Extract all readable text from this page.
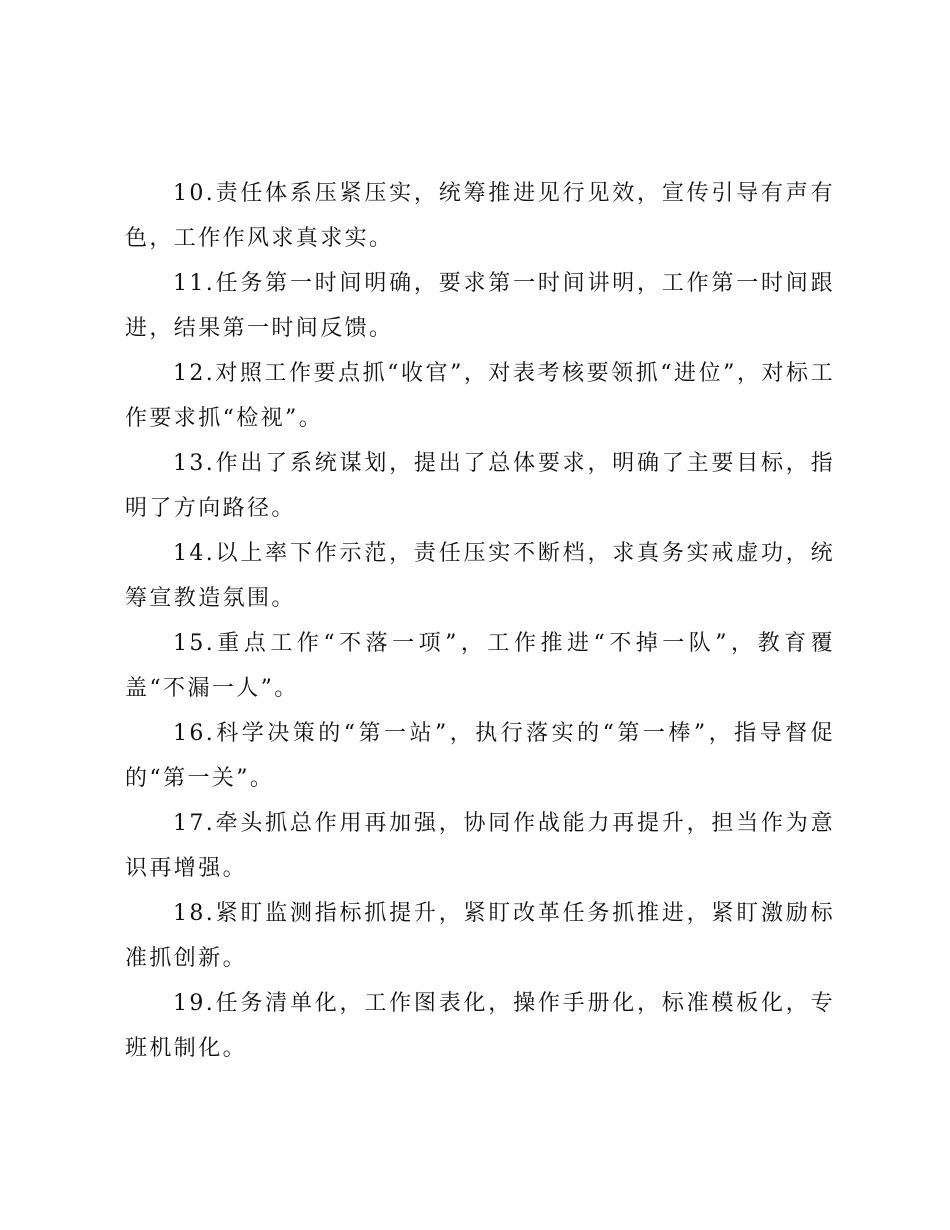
10.责任体系压紧压实，统筹推进见行见效，宣传引导有声有色，工作作风求真求实。

11.任务第一时间明确，要求第一时间讲明，工作第一时间跟进，结果第一时间反馈。

12.对照工作要点抓“收官”，对表考核要领抓“进位”，对标工作要求抓“检视”。

13.作出了系统谋划，提出了总体要求，明确了主要目标，指明了方向路径。

14.以上率下作示范，责任压实不断档，求真务实戒虚功，统筹宣教造氛围。

15.重点工作“不落一项”，工作推进“不掉一队”，教育覆盖“不漏一人”。

16.科学决策的“第一站”，执行落实的“第一棒”，指导督促的“第一关”。

17.牵头抓总作用再加强，协同作战能力再提升，担当作为意识再增强。

18.紧盯监测指标抓提升，紧盯改革任务抓推进，紧盯激励标准抓创新。

19.任务清单化，工作图表化，操作手册化，标准模板化，专班机制化。
